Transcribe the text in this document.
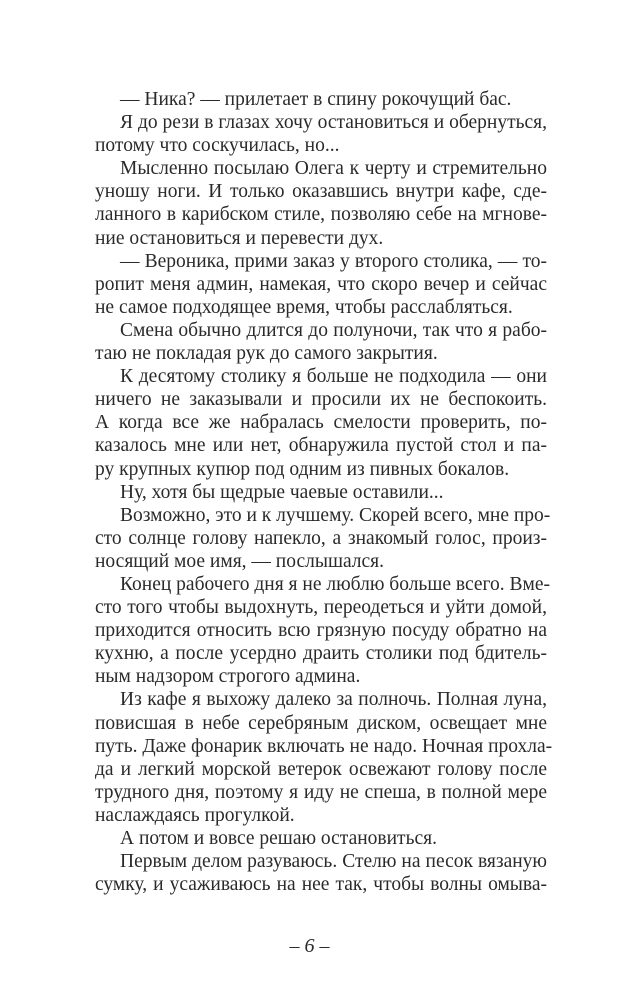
— Ника? — прилетает в спину рокочущий бас.
Я до рези в глазах хочу остановиться и обернуться,
потому что соскучилась, но...
Мысленно посылаю Олега к черту и стремительно
уношу ноги. И только оказавшись внутри кафе, сде-
ланного в карибском стиле, позволяю себе на мгнове-
ние остановиться и перевести дух.
— Вероника, прими заказ у второго столика, — то-
ропит меня админ, намекая, что скоро вечер и сейчас
не самое подходящее время, чтобы расслабляться.
Смена обычно длится до полуночи, так что я рабо-
таю не покладая рук до самого закрытия.
К десятому столику я больше не подходила — они
ничего не заказывали и просили их не беспокоить.
А когда все же набралась смелости проверить, по-
казалось мне или нет, обнаружила пустой стол и па-
ру крупных купюр под одним из пивных бокалов.
Ну, хотя бы щедрые чаевые оставили...
Возможно, это и к лучшему. Скорей всего, мне про-
сто солнце голову напекло, а знакомый голос, произ-
носящий мое имя, — послышался.
Конец рабочего дня я не люблю больше всего. Вме-
сто того чтобы выдохнуть, переодеться и уйти домой,
приходится относить всю грязную посуду обратно на
кухню, а после усердно драить столики под бдитель-
ным надзором строгого админа.
Из кафе я выхожу далеко за полночь. Полная луна,
повисшая в небе серебряным диском, освещает мне
путь. Даже фонарик включать не надо. Ночная прохла-
да и легкий морской ветерок освежают голову после
трудного дня, поэтому я иду не спеша, в полной мере
наслаждаясь прогулкой.
А потом и вовсе решаю остановиться.
Первым делом разуваюсь. Стелю на песок вязаную
сумку, и усаживаюсь на нее так, чтобы волны омыва-
– 6 –
